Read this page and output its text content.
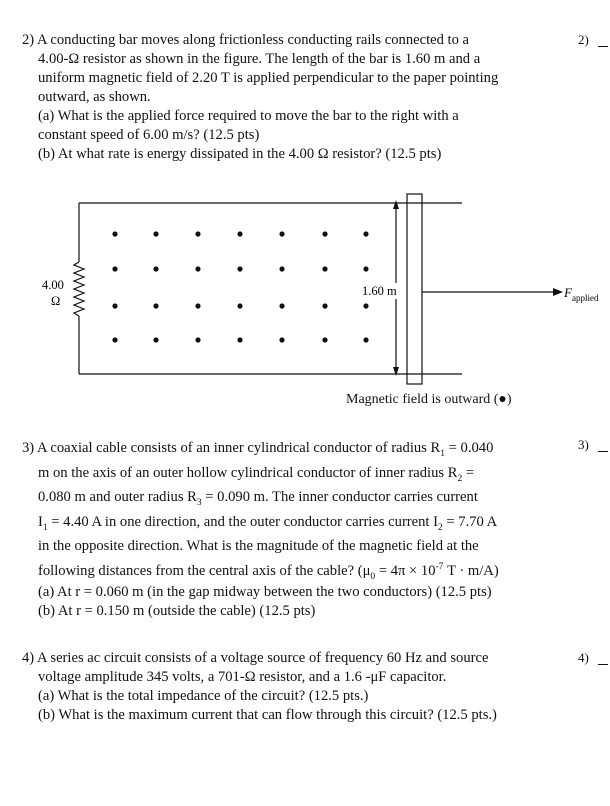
2) A conducting bar moves along frictionless conducting rails connected to a

4.00-Ω resistor as shown in the figure. The length of the bar is 1.60 m and a

uniform magnetic field of 2.20 T is applied perpendicular to the paper pointing

outward, as shown.

(a) What is the applied force required to move the bar to the right with a

constant speed of 6.00 m/s? (12.5 pts)

(b) At what rate is energy dissipated in the 4.00 Ω resistor? (12.5 pts)

2)
1.60 m
4.00
Ω
$F_{applied}$
Magnetic field is outward (●)

3) A coaxial cable consists of an inner cylindrical conductor of radius $R_1 = 0.040$

m on the axis of an outer hollow cylindrical conductor of inner radius $R_2$ =

0.080 m and outer radius $R_3 = 0.090$ m. The inner conductor carries current

$I_1 = 4.40$ A in one direction, and the outer conductor carries current $I_2 = 7.70$ A

in the opposite direction. What is the magnitude of the magnetic field at the

following distances from the central axis of the cable? ($\mu_0 = 4\pi \times 10^{-7}$ T · m/A)

(a) At r = 0.060 m (in the gap midway between the two conductors) (12.5 pts)

(b) At r = 0.150 m (outside the cable) (12.5 pts)

3)

4) A series ac circuit consists of a voltage source of frequency 60 Hz and source

voltage amplitude 345 volts, a 701-Ω resistor, and a 1.6 -μF capacitor.

(a) What is the total impedance of the circuit? (12.5 pts.)

(b) What is the maximum current that can flow through this circuit? (12.5 pts.)

4)
